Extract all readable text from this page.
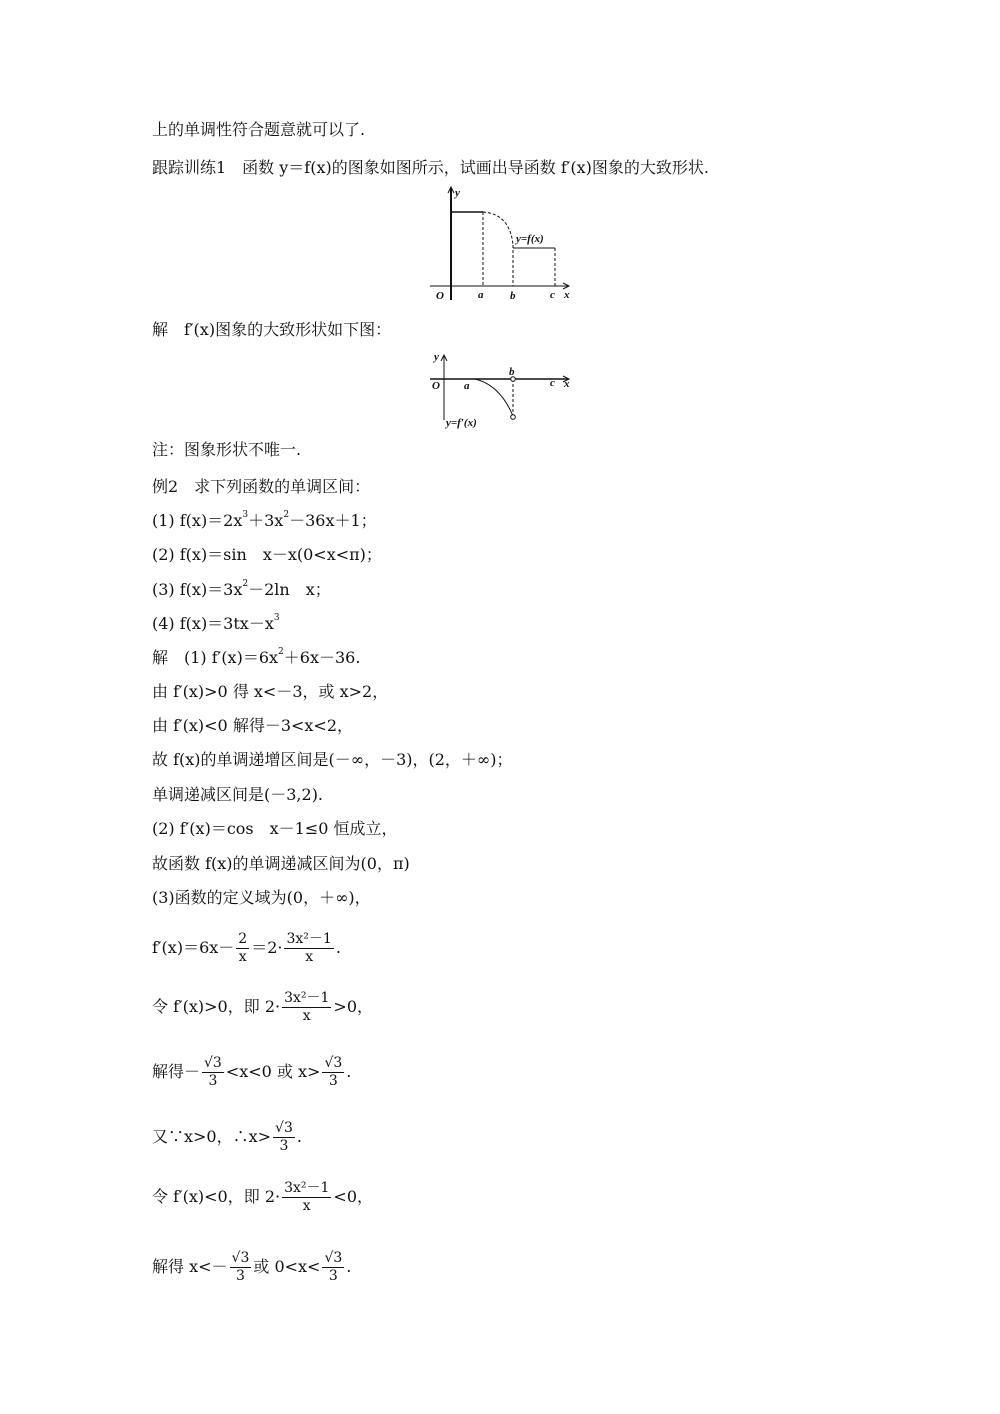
上的单调性符合题意就可以了.
跟踪训练1　函数 y＝f(x)的图象如图所示，试画出导函数 f′(x)图象的大致形状.
解　f′(x)图象的大致形状如下图：
注：图象形状不唯一.
例2　求下列函数的单调区间：
(1) $f(x)=2x^3+3x^2-36x+1$；
(2) f(x)＝sin　x－x(0<x<π)；
(3) $f(x)=3x^2-2\ln$　x；
(4) $f(x)=3tx-x^3$
解　(1) $f'(x)=6x^2+6x-36$.
由 f′(x)>0 得 x<－3，或 x>2，
由 f′(x)<0 解得－3<x<2，
故 f(x)的单调递增区间是(－∞，－3)，(2，＋∞)；
单调递减区间是(－3,2).
(2) f′(x)＝cos　x－1≤0 恒成立，
故函数 f(x)的单调递减区间为(0，π)
(3)函数的定义域为(0，＋∞)，
$f'(x)=6x- \frac{2}{x} =2\cdot \frac{\text{3x²－1}}{x}$ .
令 f′(x)>0，即 $2\cdot \frac{\text{3x²－1}}{x} >0$，
解得－ $\frac{√3}{3} <x<0$ 或 $x> \frac{√3}{3}$ .
又∵x>0，∴x> $\frac{√3}{3}$ .
令 f′(x)<0，即 $2\cdot \frac{\text{3x²－1}}{x} <0$，
解得 $x<- \frac{√3}{3}$ 或 $0<x< \frac{√3}{3}$ .
y
O	a b	c x
y=f(x)
y
O a
b
c x
y=f′(x)
